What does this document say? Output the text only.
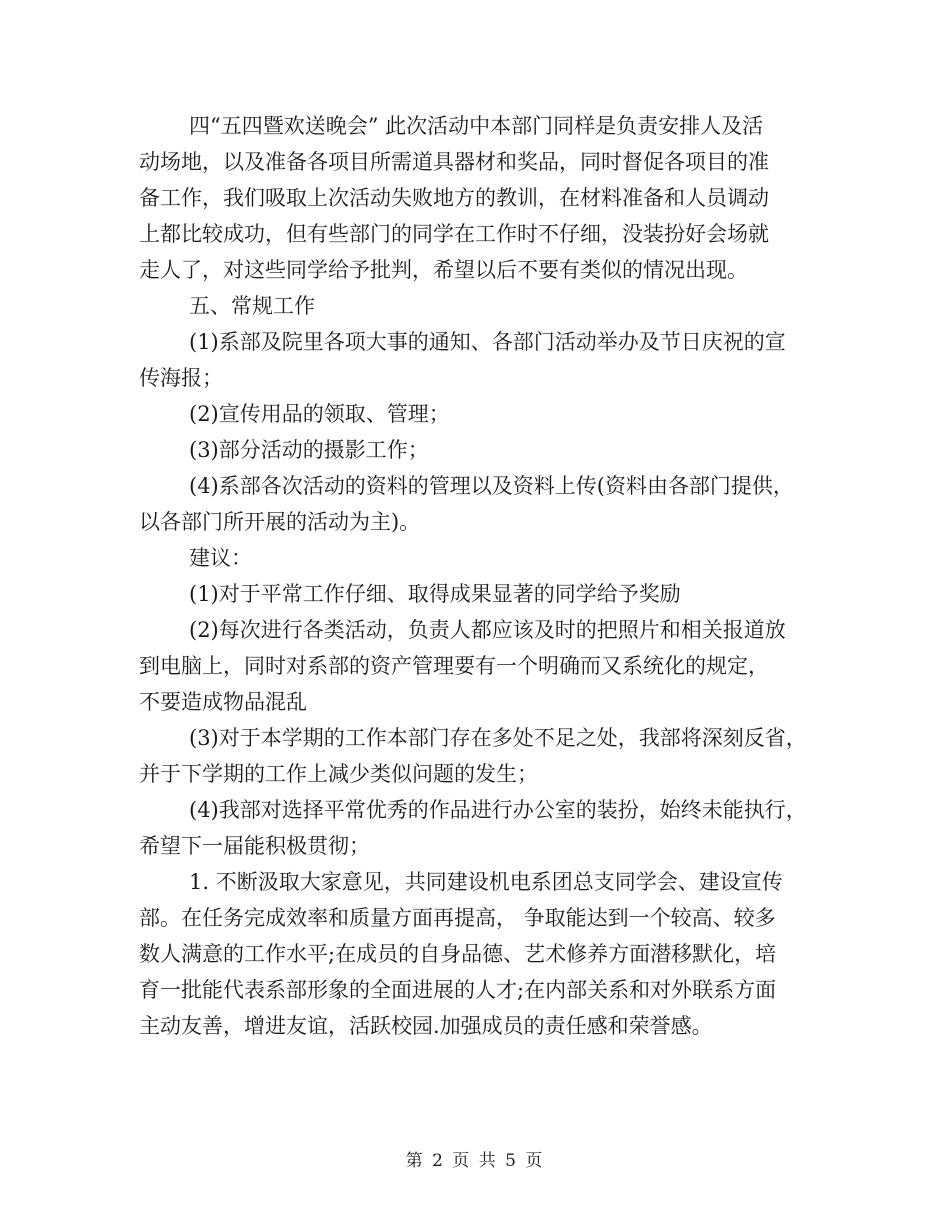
四“五四暨欢送晚会” 此次活动中本部门同样是负责安排人及活
动场地，以及准备各项目所需道具器材和奖品，同时督促各项目的准
备工作，我们吸取上次活动失败地方的教训，在材料准备和人员调动
上都比较成功，但有些部门的同学在工作时不仔细，没装扮好会场就
走人了，对这些同学给予批判，希望以后不要有类似的情况出现。
五、常规工作
(1)系部及院里各项大事的通知、各部门活动举办及节日庆祝的宣
传海报；
(2)宣传用品的领取、管理；
(3)部分活动的摄影工作；
(4)系部各次活动的资料的管理以及资料上传(资料由各部门提供，
以各部门所开展的活动为主)。
建议：
(1)对于平常工作仔细、取得成果显著的同学给予奖励
(2)每次进行各类活动，负责人都应该及时的把照片和相关报道放
到电脑上，同时对系部的资产管理要有一个明确而又系统化的规定，
不要造成物品混乱
(3)对于本学期的工作本部门存在多处不足之处，我部将深刻反省，
并于下学期的工作上减少类似问题的发生；
(4)我部对选择平常优秀的作品进行办公室的装扮，始终未能执行，
希望下一届能积极贯彻；
1. 不断汲取大家意见，共同建设机电系团总支同学会、建设宣传
部。在任务完成效率和质量方面再提高， 争取能达到一个较高、较多
数人满意的工作水平;在成员的自身品德、艺术修养方面潜移默化，培
育一批能代表系部形象的全面进展的人才;在内部关系和对外联系方面
主动友善，增进友谊，活跃校园.加强成员的责任感和荣誉感。
第 2 页 共 5 页
